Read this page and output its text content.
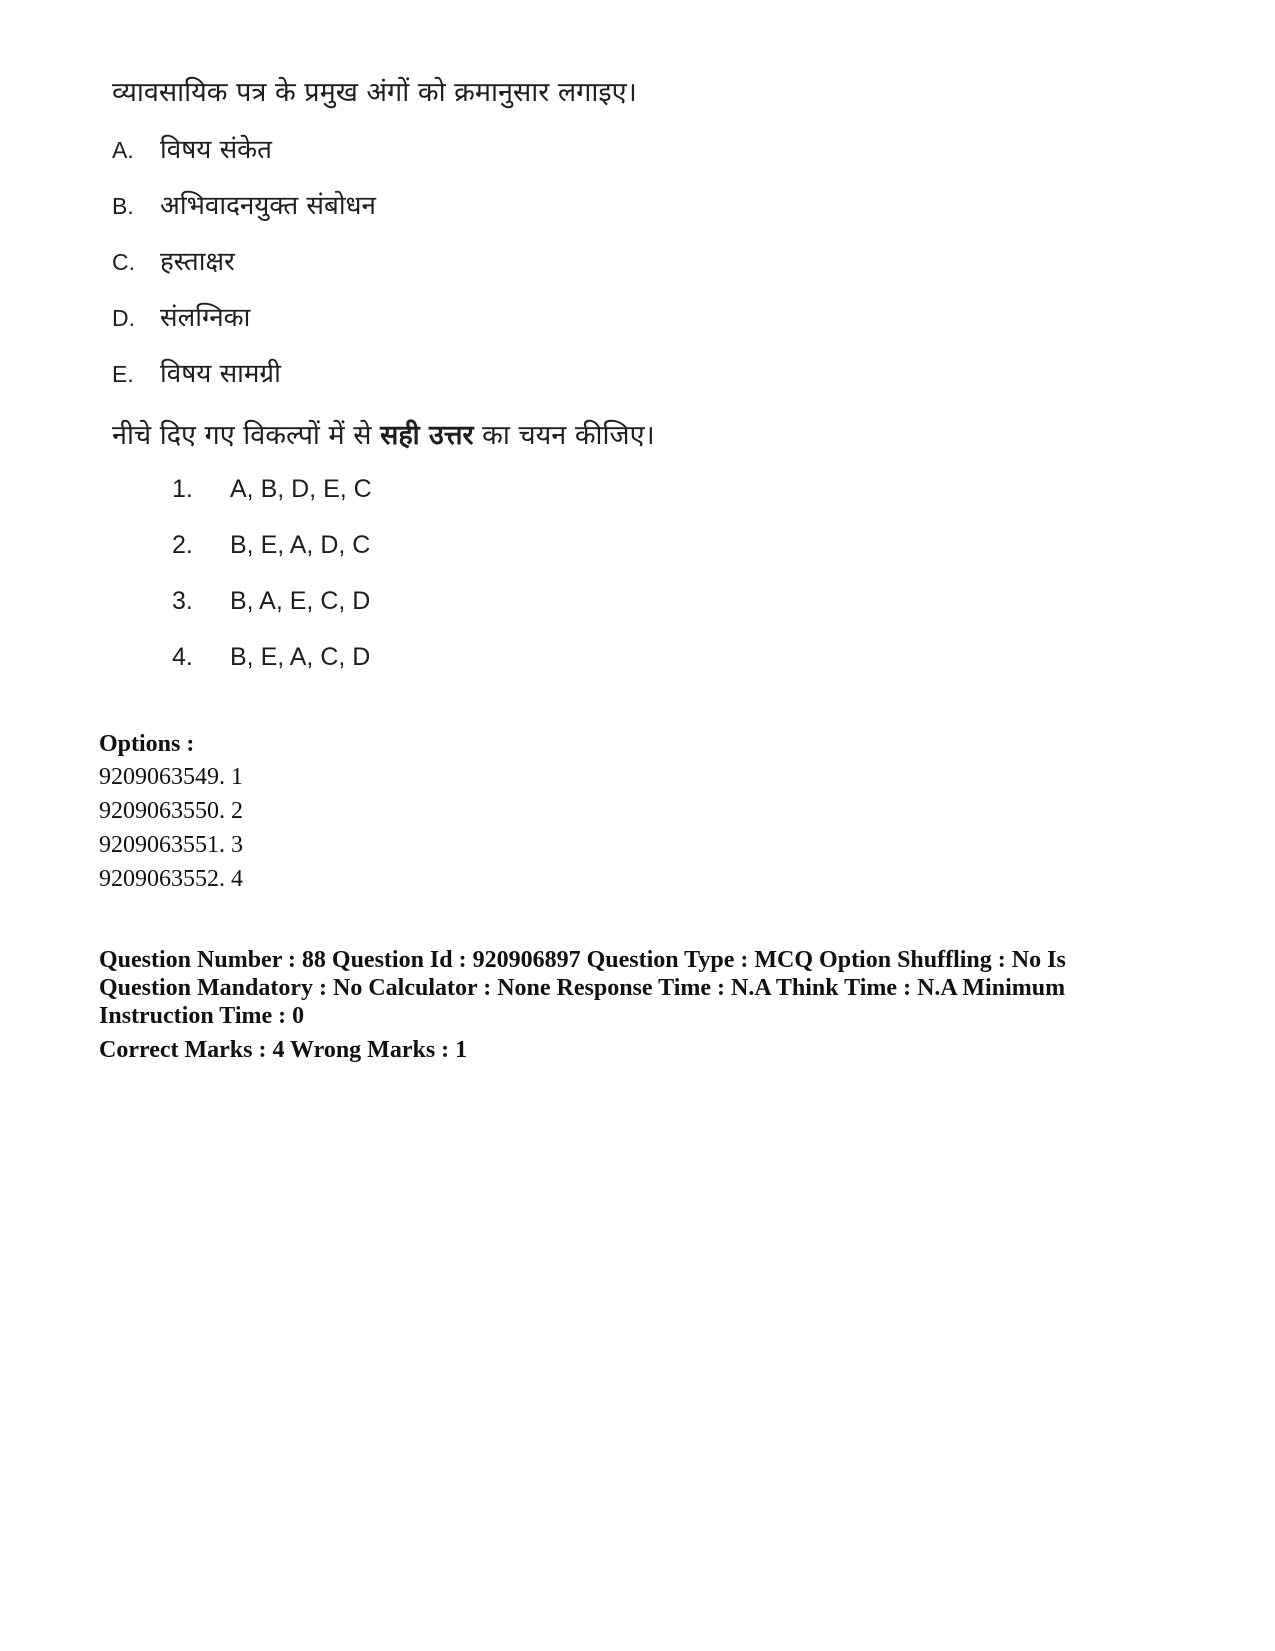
व्यावसायिक पत्र के प्रमुख अंगों को क्रमानुसार लगाइए।
A. विषय संकेत
B. अभिवादनयुक्त संबोधन
C. हस्ताक्षर
D. संलग्निका
E. विषय सामग्री
नीचे दिए गए विकल्पों में से सही उत्तर का चयन कीजिए।
1. A, B, D, E, C
2. B, E, A, D, C
3. B, A, E, C, D
4. B, E, A, C, D
Options :
9209063549. 1
9209063550. 2
9209063551. 3
9209063552. 4

Question Number : 88 Question Id : 920906897 Question Type : MCQ Option Shuffling : No Is Question Mandatory : No Calculator : None Response Time : N.A Think Time : N.A Minimum Instruction Time : 0

Correct Marks : 4 Wrong Marks : 1
